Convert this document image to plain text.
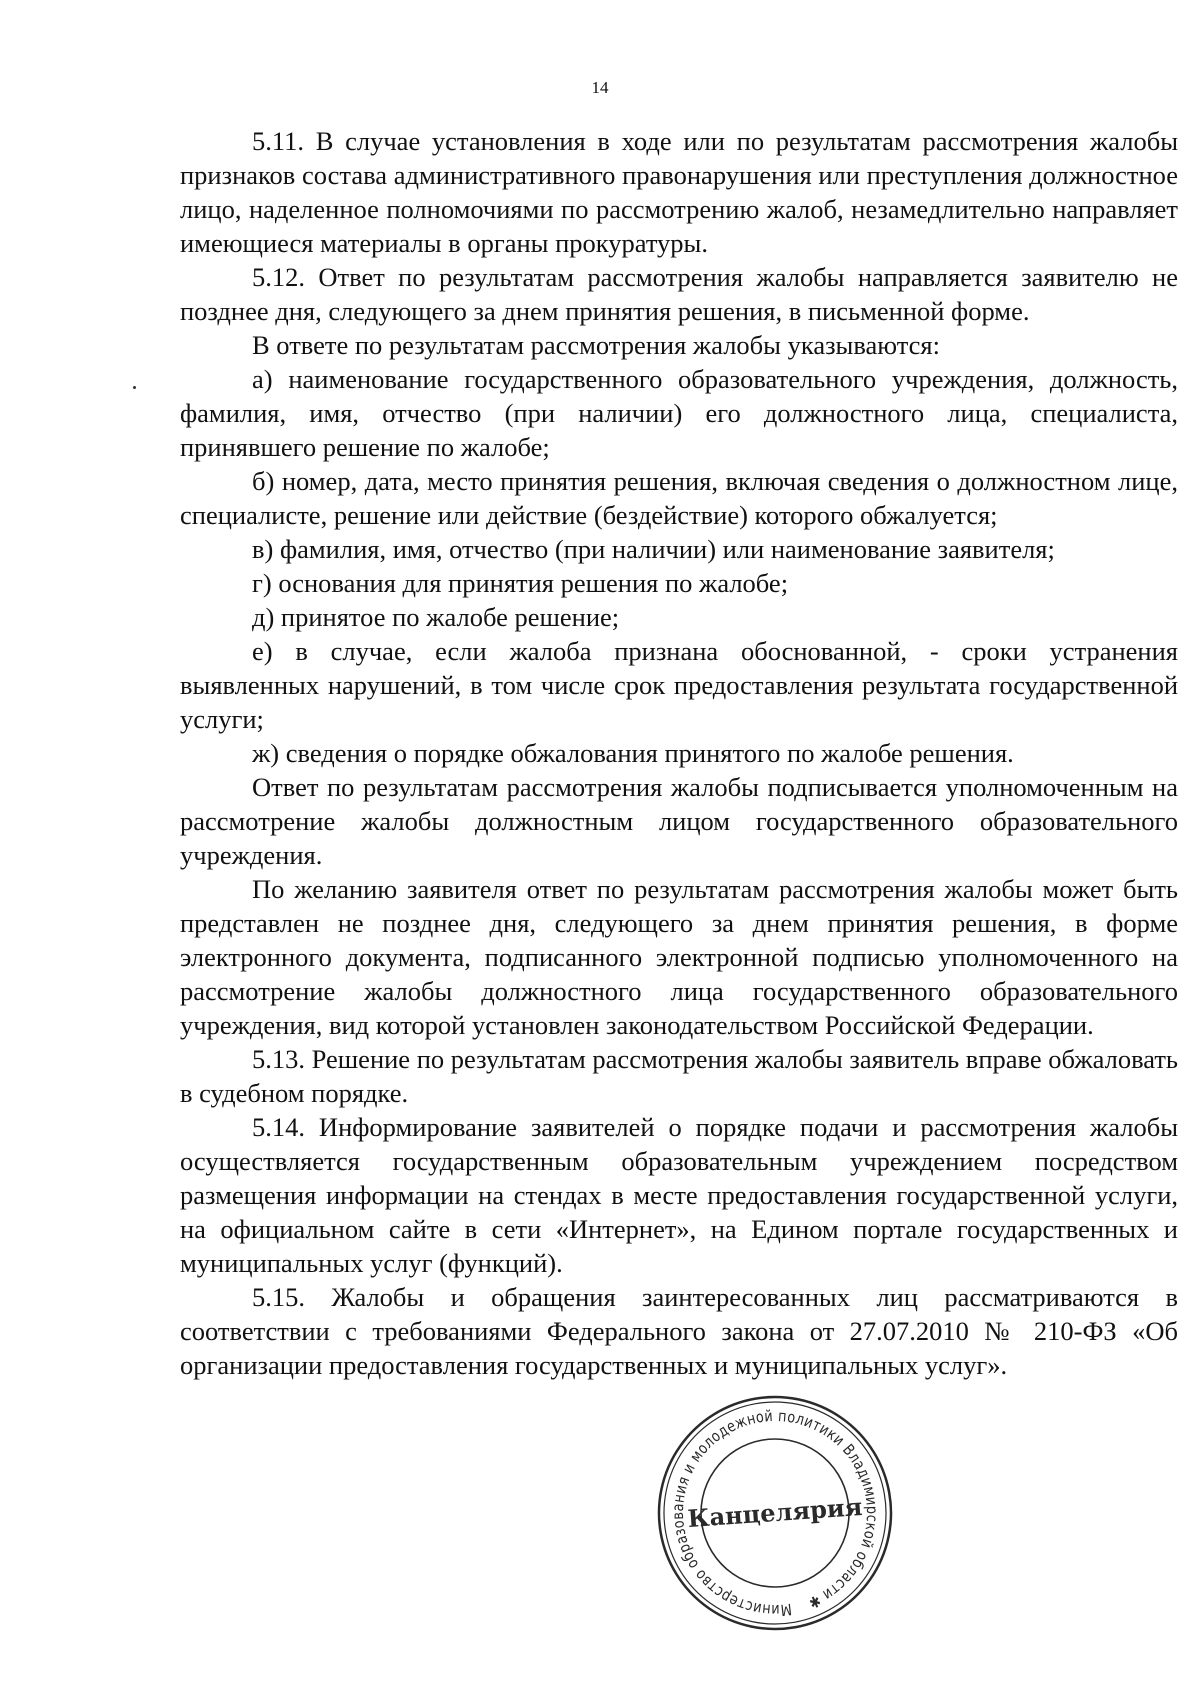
14

5.11. В случае установления в ходе или по результатам рассмотрения жалобы признаков состава административного правонарушения или преступления должностное лицо, наделенное полномочиями по рассмотрению жалоб, незамедлительно направляет имеющиеся материалы в органы прокуратуры.

5.12. Ответ по результатам рассмотрения жалобы направляется заявителю не позднее дня, следующего за днем принятия решения, в письменной форме.

В ответе по результатам рассмотрения жалобы указываются:

а) наименование государственного образовательного учреждения, должность, фамилия, имя, отчество (при наличии) его должностного лица, специалиста, принявшего решение по жалобе;

б) номер, дата, место принятия решения, включая сведения о должностном лице, специалисте, решение или действие (бездействие) которого обжалуется;

в) фамилия, имя, отчество (при наличии) или наименование заявителя;

г) основания для принятия решения по жалобе;

д) принятое по жалобе решение;

е) в случае, если жалоба признана обоснованной, - сроки устранения выявленных нарушений, в том числе срок предоставления результата государственной услуги;

ж) сведения о порядке обжалования принятого по жалобе решения.

Ответ по результатам рассмотрения жалобы подписывается уполномоченным на рассмотрение жалобы должностным лицом государственного образовательного учреждения.

По желанию заявителя ответ по результатам рассмотрения жалобы может быть представлен не позднее дня, следующего за днем принятия решения, в форме электронного документа, подписанного электронной подписью уполномоченного на рассмотрение жалобы должностного лица государственного образовательного учреждения, вид которой установлен законодательством Российской Федерации.

5.13. Решение по результатам рассмотрения жалобы заявитель вправе обжаловать в судебном порядке.

5.14. Информирование заявителей о порядке подачи и рассмотрения жалобы осуществляется государственным образовательным учреждением посредством размещения информации на стендах в месте предоставления государственной услуги, на официальном сайте в сети «Интернет», на Едином портале государственных и муниципальных услуг (функций).

5.15. Жалобы и обращения заинтересованных лиц рассматриваются в соответствии с требованиями Федерального закона от 27.07.2010 № 210-ФЗ «Об организации предоставления государственных и муниципальных услуг».

Министерство образования и молодежной политики Владимирской области ✱
Канцелярия
